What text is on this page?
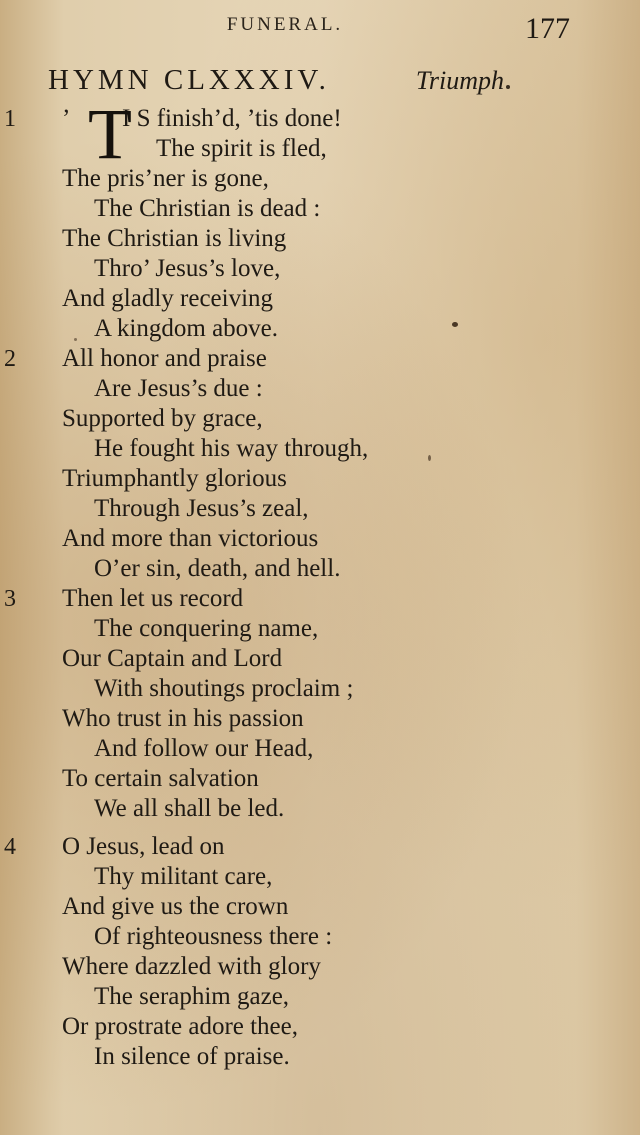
FUNERAL.	177
HYMN CLXXXIV.	Triumph
1 ’ I S finish’d, ’tis done!
T The spirit is fled,
The pris’ner is gone,
The Christian is dead :
The Christian is living
Thro’ Jesus’s love,
And gladly receiving
A kingdom above.
2 All honor and praise
Are Jesus’s due :
Supported by grace,
He fought his way through,
Triumphantly glorious
Through Jesus’s zeal,
And more than victorious
O’er sin, death, and hell.
3 Then let us record
The conquering name,
Our Captain and Lord
With shoutings proclaim ;
Who trust in his passion
And follow our Head,
To certain salvation
We all shall be led.
4 O Jesus, lead on
Thy militant care,
And give us the crown
Of righteousness there :
Where dazzled with glory
The seraphim gaze,
Or prostrate adore thee,
In silence of praise.
